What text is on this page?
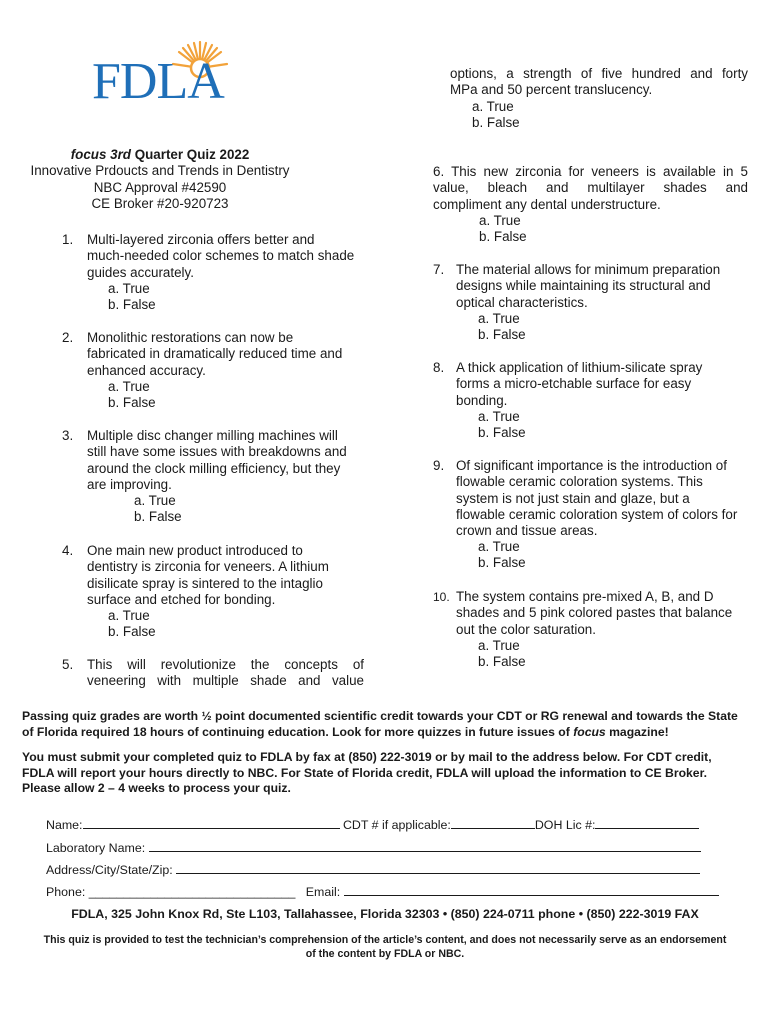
FDLA
focus 3rd Quarter Quiz 2022
Innovative Prdoucts and Trends in Dentistry
NBC Approval #42590
CE Broker #20-920723
1. Multi-layered zirconia offers better and
much-needed color schemes to match shade
guides accurately.
a. True
b. False
2. Monolithic restorations can now be
fabricated in dramatically reduced time and
enhanced accuracy.
a. True
b. False
3. Multiple disc changer milling machines will
still have some issues with breakdowns and
around the clock milling efficiency, but they
are improving.
a. True
b. False
4. One main new product introduced to
dentistry is zirconia for veneers. A lithium
disilicate spray is sintered to the intaglio
surface and etched for bonding.
a. True
b. False
5. This will revolutionize the concepts of
veneering with multiple shade and value
options, a strength of five hundred and forty
MPa and 50 percent translucency.
a. True
b. False
6. This new zirconia for veneers is available in 5
value, bleach and multilayer shades and
compliment any dental understructure.
a. True
b. False
7. The material allows for minimum preparation
designs while maintaining its structural and
optical characteristics.
a. True
b. False
8. A thick application of lithium-silicate spray
forms a micro-etchable surface for easy
bonding.
a. True
b. False
9. Of significant importance is the introduction of
flowable ceramic coloration systems. This
system is not just stain and glaze, but a
flowable ceramic coloration system of colors for
crown and tissue areas.
a. True
b. False
10. The system contains pre-mixed A, B, and D
shades and 5 pink colored pastes that balance
out the color saturation.
a. True
b. False
Passing quiz grades are worth ½ point documented scientific credit towards your CDT or RG renewal and towards the State of Florida required 18 hours of continuing education. Look for more quizzes in future issues of focus magazine!
You must submit your completed quiz to FDLA by fax at (850) 222-3019 or by mail to the address below. For CDT credit, FDLA will report your hours directly to NBC. For State of Florida credit, FDLA will upload the information to CE Broker. Please allow 2 – 4 weeks to process your quiz.
Name:	CDT # if applicable:	DOH Lic #:
Laboratory Name:
Address/City/State/Zip:
Phone: ______________________________ Email:
FDLA, 325 John Knox Rd, Ste L103, Tallahassee, Florida 32303 • (850) 224-0711 phone • (850) 222-3019 FAX
This quiz is provided to test the technician’s comprehension of the article’s content, and does not necessarily serve as an endorsement of the content by FDLA or NBC.
